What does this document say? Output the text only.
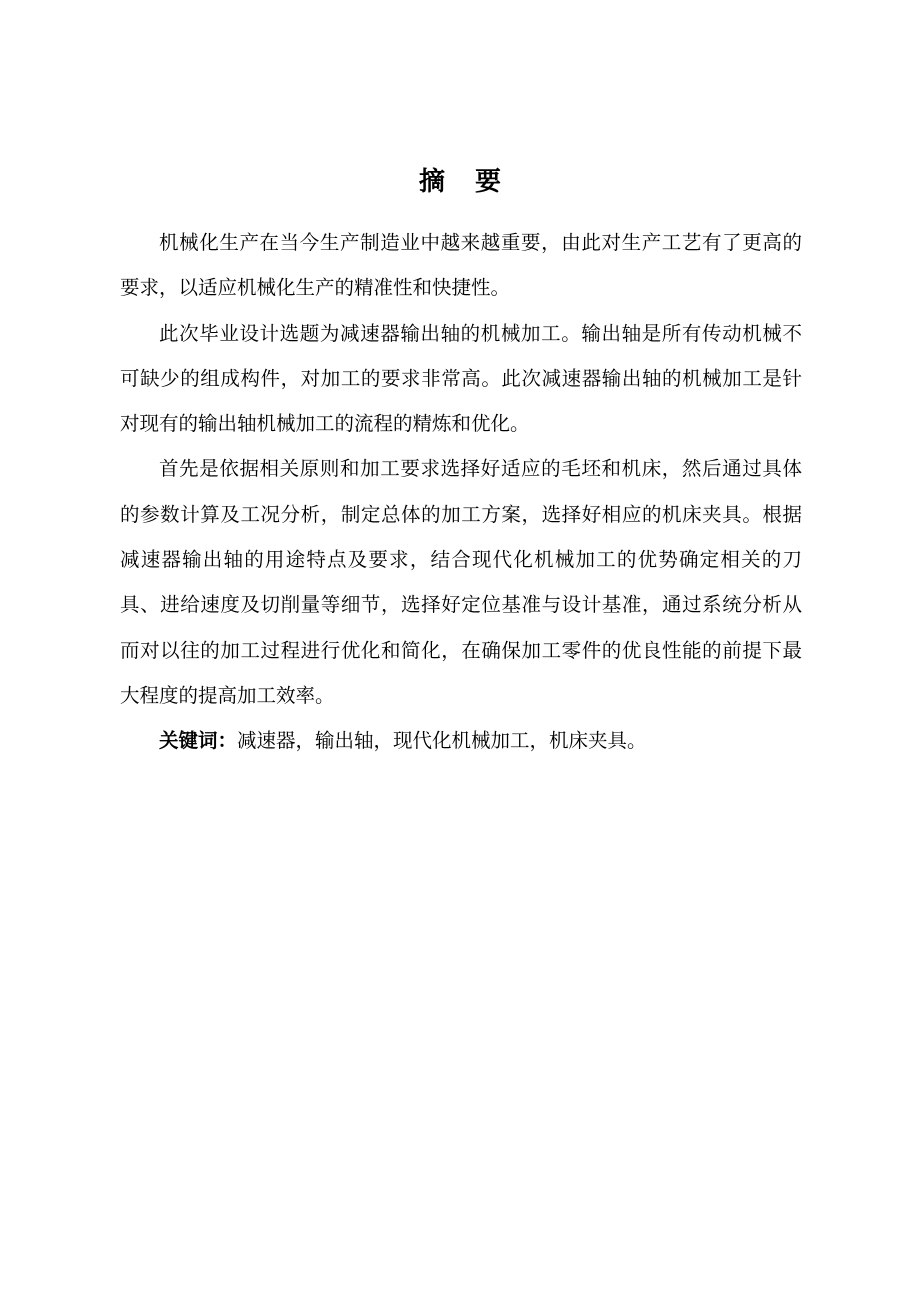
摘 要

机械化生产在当今生产制造业中越来越重要，由此对生产工艺有了更高的要求，以适应机械化生产的精准性和快捷性。

此次毕业设计选题为减速器输出轴的机械加工。输出轴是所有传动机械不可缺少的组成构件，对加工的要求非常高。此次减速器输出轴的机械加工是针对现有的输出轴机械加工的流程的精炼和优化。

首先是依据相关原则和加工要求选择好适应的毛坯和机床，然后通过具体的参数计算及工况分析，制定总体的加工方案，选择好相应的机床夹具。根据减速器输出轴的用途特点及要求，结合现代化机械加工的优势确定相关的刀具、进给速度及切削量等细节，选择好定位基准与设计基准，通过系统分析从而对以往的加工过程进行优化和简化，在确保加工零件的优良性能的前提下最大程度的提高加工效率。

关键词：减速器，输出轴，现代化机械加工，机床夹具。
